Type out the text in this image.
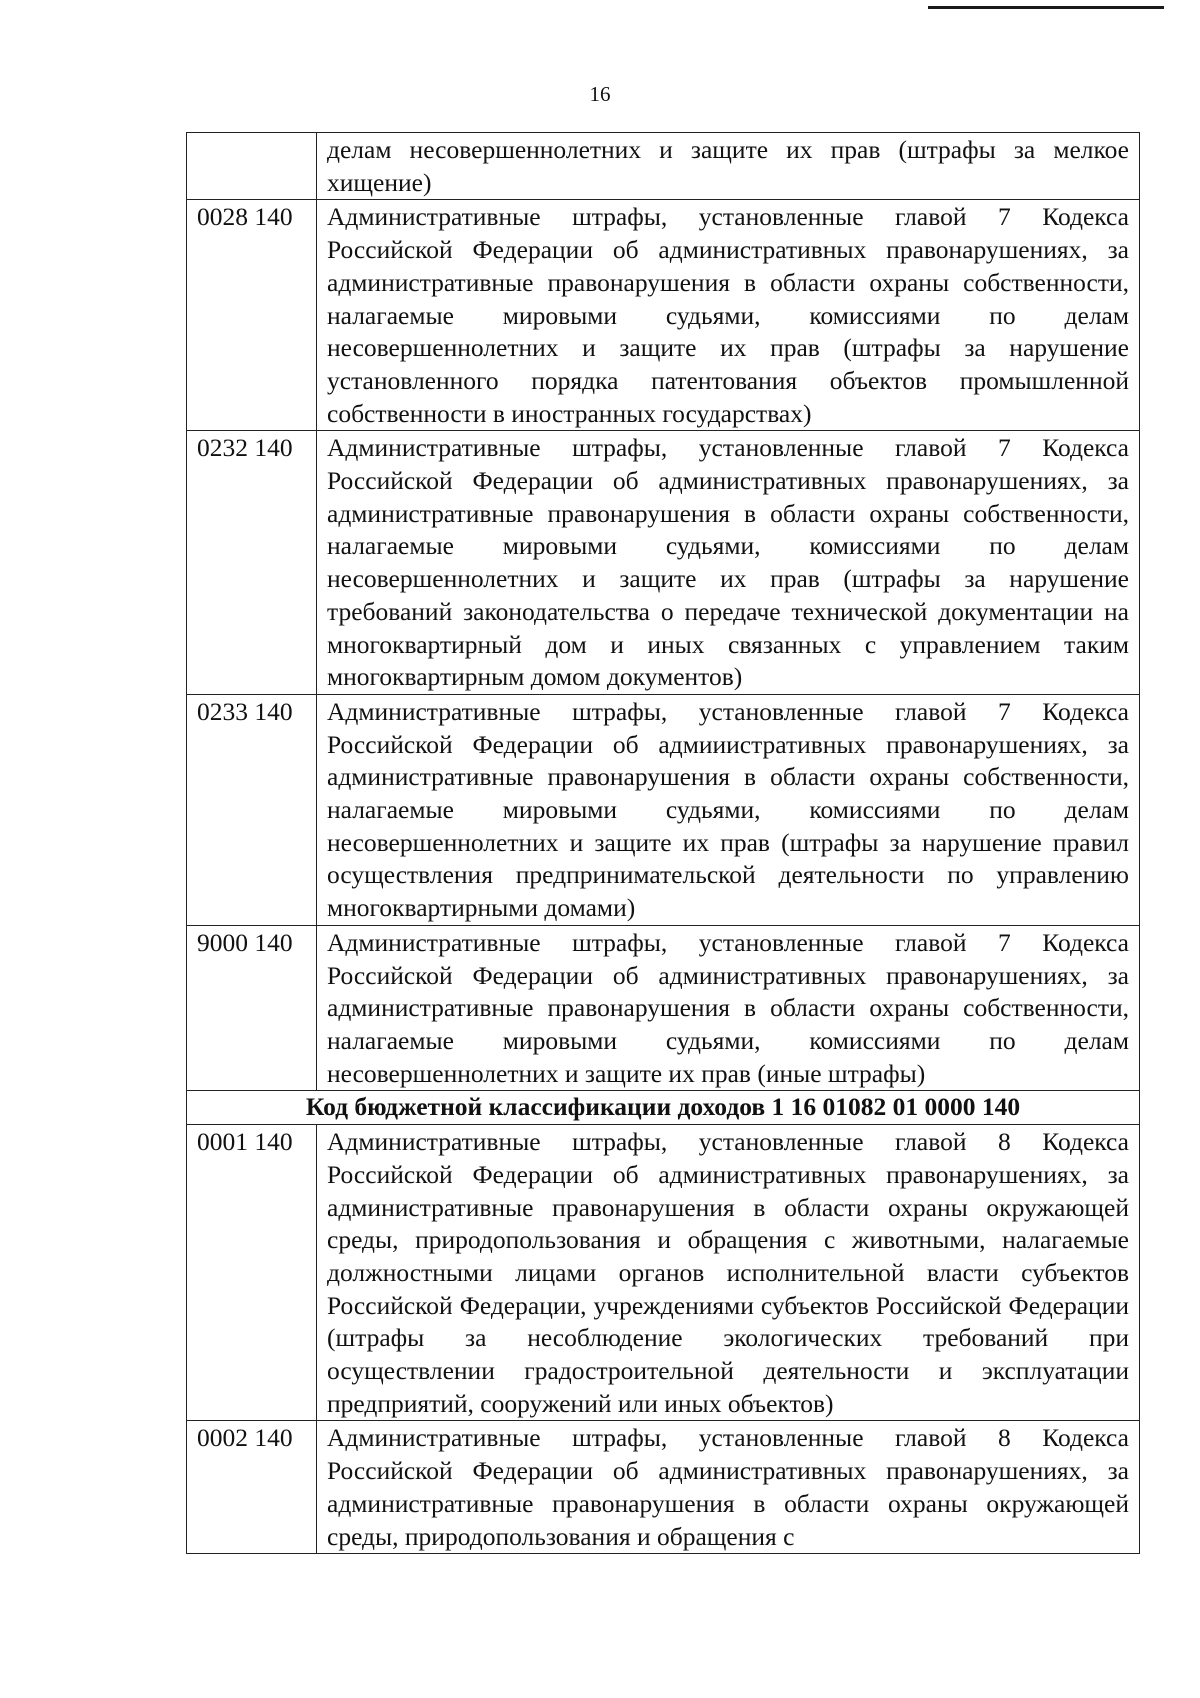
16
	делам несовершеннолетних и защите их прав (штрафы за мелкое хищение)
0028 140	Административные штрафы, установленные главой 7 Кодекса Российской Федерации об административных правонарушениях, за административные правонарушения в области охраны собственности, налагаемые мировыми судьями, комиссиями по делам несовершеннолетних и защите их прав (штрафы за нарушение установленного порядка патентования объектов промышленной собственности в иностранных государствах)
0232 140	Административные штрафы, установленные главой 7 Кодекса Российской Федерации об административных правонарушениях, за административные правонарушения в области охраны собственности, налагаемые мировыми судьями, комиссиями по делам несовершеннолетних и защите их прав (штрафы за нарушение требований законодательства о передаче технической документации на многоквартирный дом и иных связанных с управлением таким многоквартирным домом документов)
0233 140	Административные штрафы, установленные главой 7 Кодекса Российской Федерации об адмииистративных правонарушениях, за административные правонарушения в области охраны собственности, налагаемые мировыми судьями, комиссиями по делам несовершеннолетних и защите их прав (штрафы за нарушение правил осуществления предпринимательской деятельности по управлению многоквартирными домами)
9000 140	Административные штрафы, установленные главой 7 Кодекса Российской Федерации об административных правонарушениях, за административные правонарушения в области охраны собственности, налагаемые мировыми судьями, комиссиями по делам несовершеннолетних и защите их прав (иные штрафы)
Код бюджетной классификации доходов 1 16 01082 01 0000 140	
0001 140	Административные штрафы, установленные главой 8 Кодекса Российской Федерации об административных правонарушениях, за административные правонарушения в области охраны окружающей среды, природопользования и обращения с животными, налагаемые должностными лицами органов исполнительной власти субъектов Российской Федерации, учреждениями субъектов Российской Федерации (штрафы за несоблюдение экологических требований при осуществлении градостроительной деятельности и эксплуатации предприятий, сооружений или иных объектов)
0002 140	Административные штрафы, установленные главой 8 Кодекса Российской Федерации об административных правонарушениях, за административные правонарушения в области охраны окружающей среды, природопользования и обращения с
